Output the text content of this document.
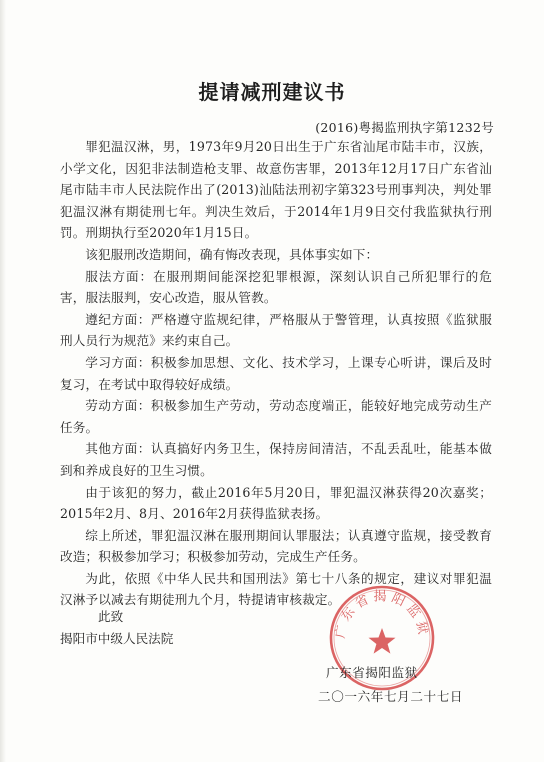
提请减刑建议书
(2016)粤揭监刑执字第1232号

罪犯温汉淋，男，1973年9月20日出生于广东省汕尾市陆丰市，汉族，小学文化，因犯非法制造枪支罪、故意伤害罪，2013年12月17日广东省汕尾市陆丰市人民法院作出了(2013)汕陆法刑初字第323号刑事判决，判处罪犯温汉淋有期徒刑七年。判决生效后，于2014年1月9日交付我监狱执行刑罚。刑期执行至2020年1月15日。

该犯服刑改造期间，确有悔改表现，具体事实如下：

服法方面：在服刑期间能深挖犯罪根源，深刻认识自己所犯罪行的危害，服法服判，安心改造，服从管教。

遵纪方面：严格遵守监规纪律，严格服从于警管理，认真按照《监狱服刑人员行为规范》来约束自己。

学习方面：积极参加思想、文化、技术学习，上课专心听讲，课后及时复习，在考试中取得较好成绩。

劳动方面：积极参加生产劳动，劳动态度端正，能较好地完成劳动生产任务。

其他方面：认真搞好内务卫生，保持房间清洁，不乱丢乱吐，能基本做到和养成良好的卫生习惯。

由于该犯的努力，截止2016年5月20日，罪犯温汉淋获得20次嘉奖；2015年2月、8月、2016年2月获得监狱表扬。

综上所述，罪犯温汉淋在服刑期间认罪服法；认真遵守监规，接受教育改造；积极参加学习；积极参加劳动，完成生产任务。

为此，依照《中华人民共和国刑法》第七十八条的规定，建议对罪犯温汉淋予以减去有期徒刑九个月，特提请审核裁定。

此致
揭阳市中级人民法院	广东省揭阳监狱
广东省揭阳监狱
二〇一六年七月二十七日
